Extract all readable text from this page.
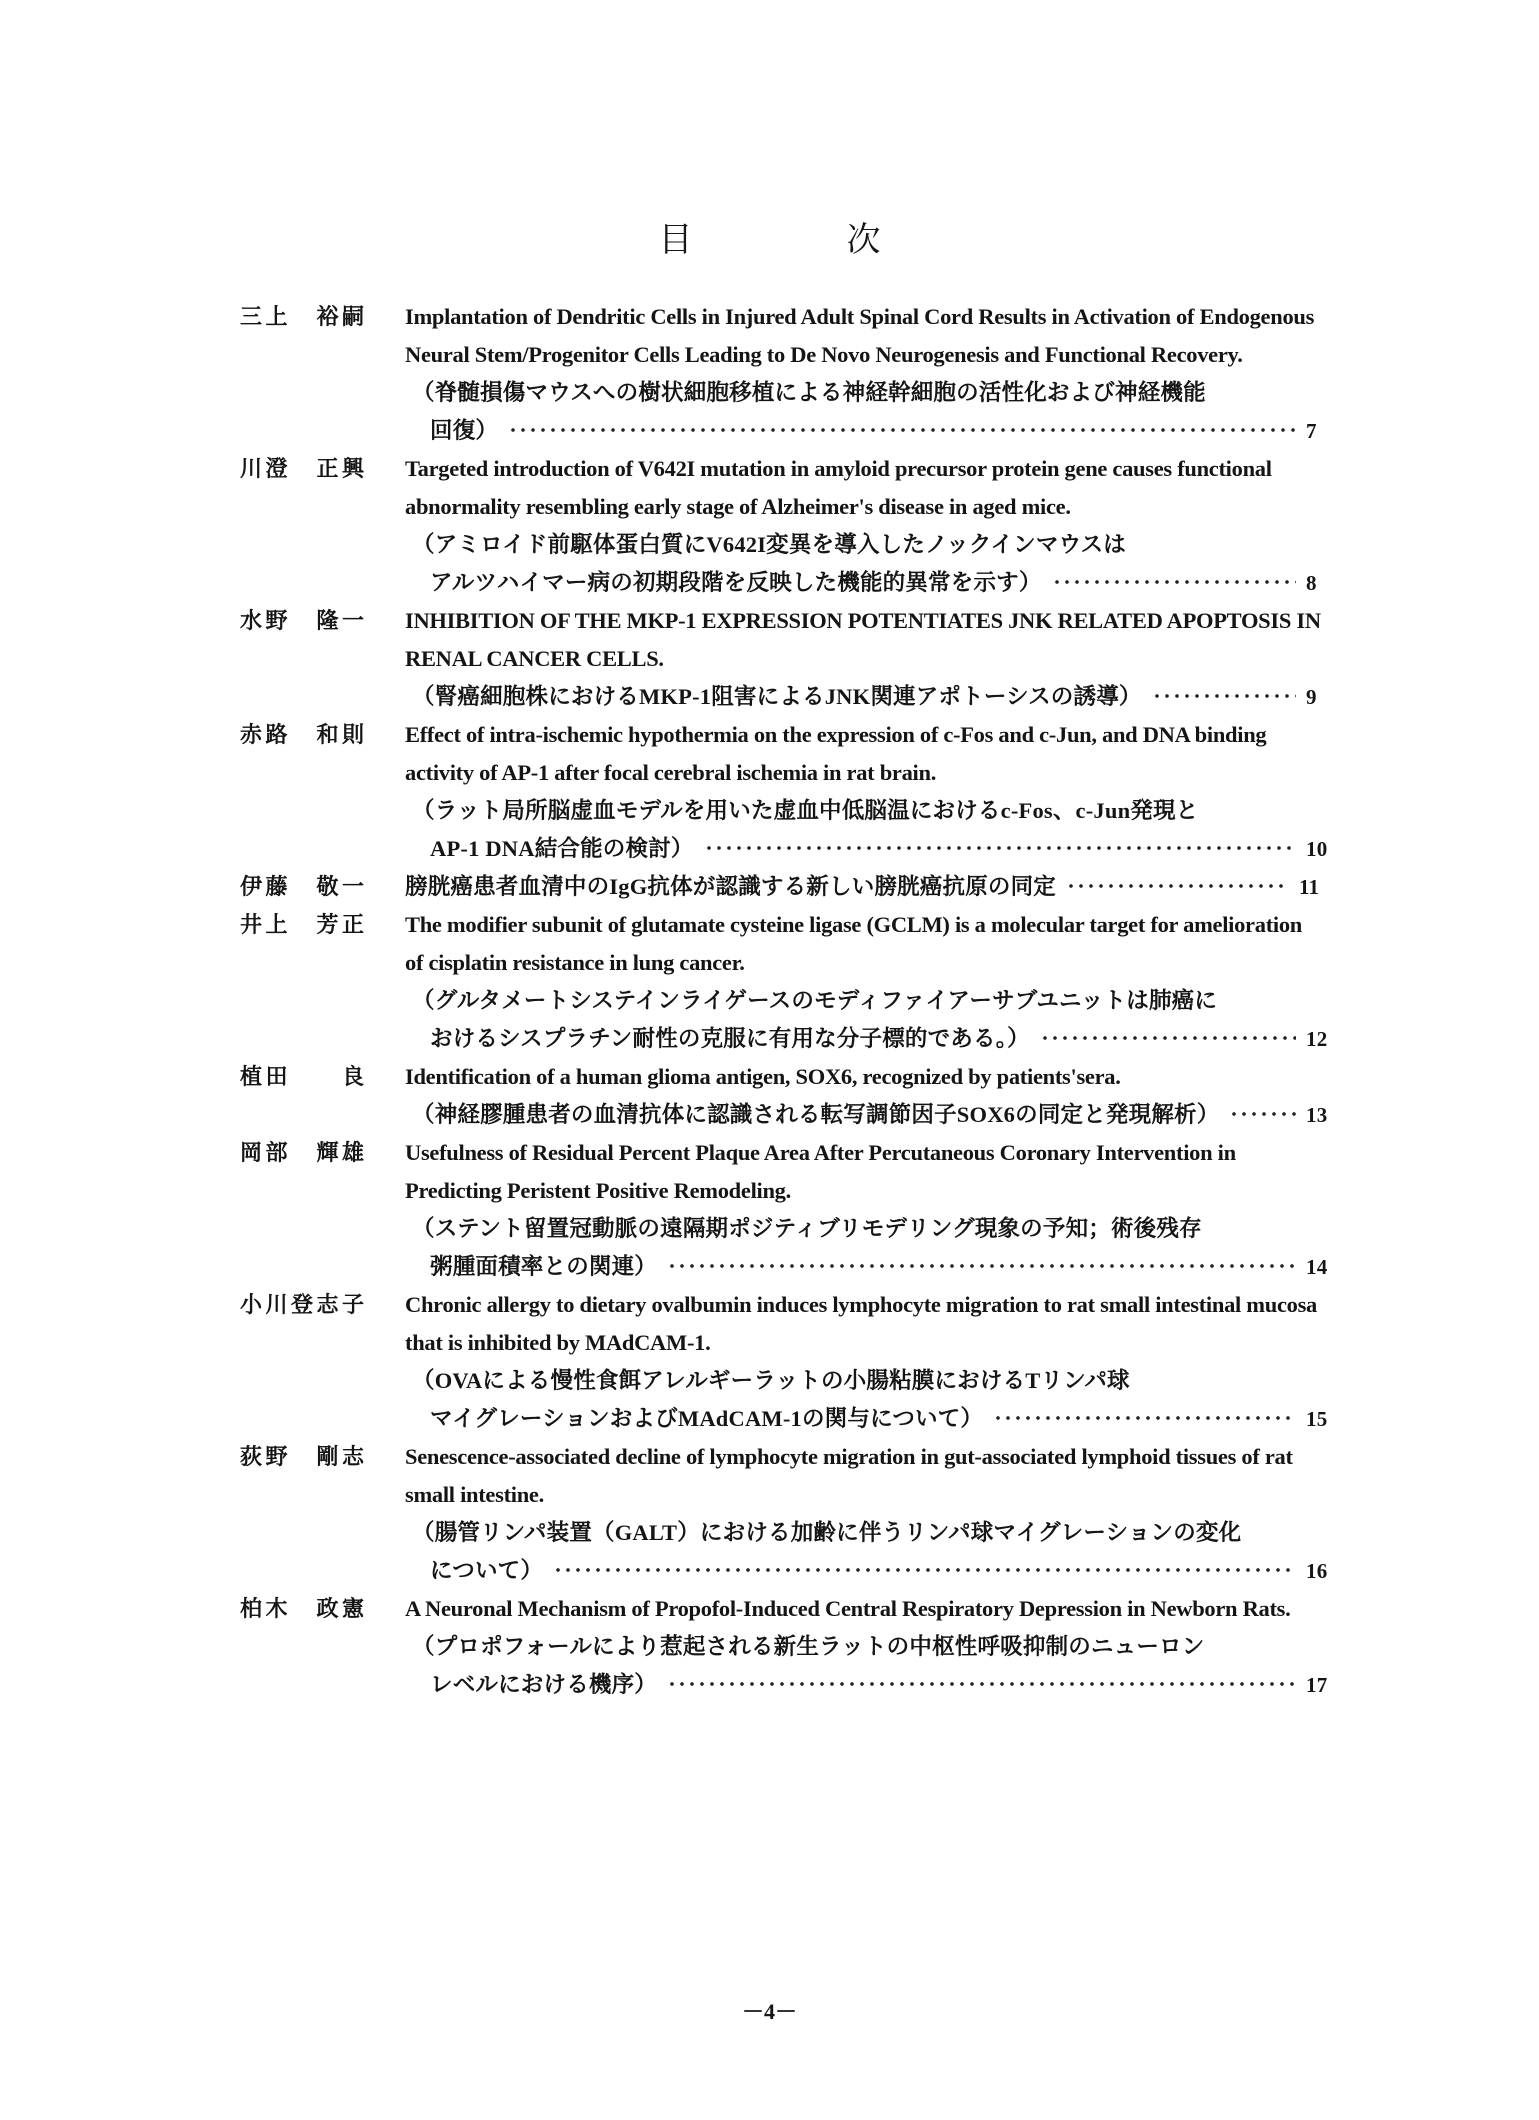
目　次
三上　裕嗣 Implantation of Dendritic Cells in Injured Adult Spinal Cord Results in Activation of Endogenous Neural Stem/Progenitor Cells Leading to De Novo Neurogenesis and Functional Recovery.
（脊髄損傷マウスへの樹状細胞移植による神経幹細胞の活性化および神経機能
回復）	7
川澄　正興 Targeted introduction of V642I mutation in amyloid precursor protein gene causes functional abnormality resembling early stage of Alzheimer's disease in aged mice.
（アミロイド前駆体蛋白質にV642I変異を導入したノックインマウスは
アルツハイマー病の初期段階を反映した機能的異常を示す）	8
水野　隆一 INHIBITION OF THE MKP-1 EXPRESSION POTENTIATES JNK RELATED APOPTOSIS IN RENAL CANCER CELLS.
（腎癌細胞株におけるMKP-1阻害によるJNK関連アポトーシスの誘導）	9
赤路　和則 Effect of intra-ischemic hypothermia on the expression of c-Fos and c-Jun, and DNA binding activity of AP-1 after focal cerebral ischemia in rat brain.
（ラット局所脳虚血モデルを用いた虚血中低脳温におけるc-Fos、c-Jun発現と
AP-1 DNA結合能の検討）	10
伊藤　敬一 膀胱癌患者血清中のIgG抗体が認識する新しい膀胱癌抗原の同定	11
井上　芳正 The modifier subunit of glutamate cysteine ligase (GCLM) is a molecular target for amelioration of cisplatin resistance in lung cancer.
（グルタメートシステインライゲースのモディファイアーサブユニットは肺癌に
おけるシスプラチン耐性の克服に有用な分子標的である。）	12
植田　　良 Identification of a human glioma antigen, SOX6, recognized by patients'sera.
（神経膠腫患者の血清抗体に認識される転写調節因子SOX6の同定と発現解析）	13
岡部　輝雄 Usefulness of Residual Percent Plaque Area After Percutaneous Coronary Intervention in Predicting Peristent Positive Remodeling.
（ステント留置冠動脈の遠隔期ポジティブリモデリング現象の予知；術後残存
粥腫面積率との関連）	14
小川登志子 Chronic allergy to dietary ovalbumin induces lymphocyte migration to rat small intestinal mucosa that is inhibited by MAdCAM-1.
（OVAによる慢性食餌アレルギーラットの小腸粘膜におけるTリンパ球
マイグレーションおよびMAdCAM-1の関与について）	15
荻野　剛志 Senescence-associated decline of lymphocyte migration in gut-associated lymphoid tissues of rat small intestine.
（腸管リンパ装置（GALT）における加齢に伴うリンパ球マイグレーションの変化
について）	16
柏木　政憲 A Neuronal Mechanism of Propofol-Induced Central Respiratory Depression in Newborn Rats.
（プロポフォールにより惹起される新生ラットの中枢性呼吸抑制のニューロン
レベルにおける機序）	17
－4－
